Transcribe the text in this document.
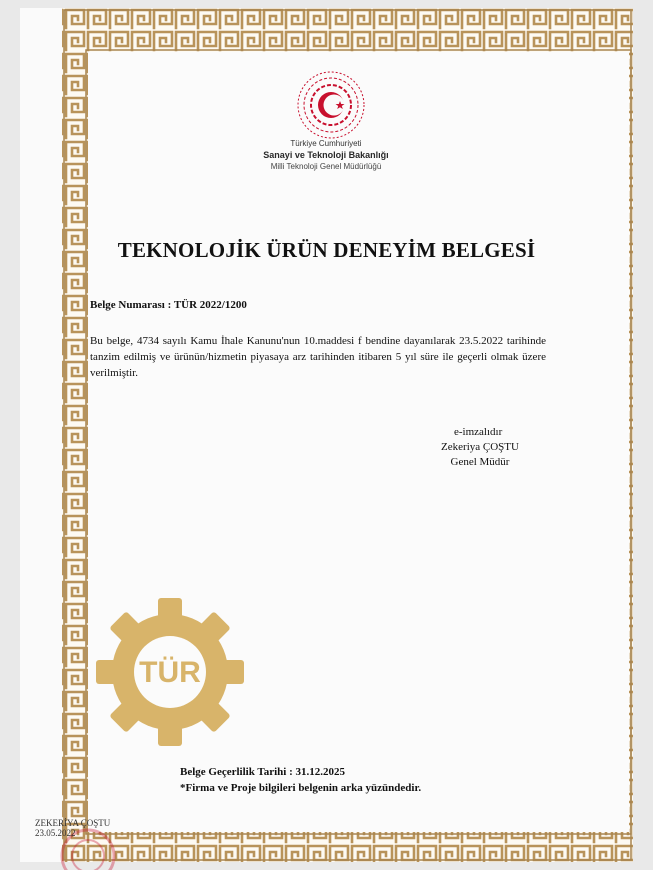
Türkiye Cumhuriyeti
Sanayi ve Teknoloji Bakanlığı
Milli Teknoloji Genel Müdürlüğü
TEKNOLOJİK ÜRÜN DENEYİM BELGESİ
Belge Numarası : TÜR 2022/1200
Bu belge, 4734 sayılı Kamu İhale Kanunu'nun 10.maddesi f bendine dayanılarak 23.5.2022 tarihinde tanzim edilmiş ve ürünün/hizmetin piyasaya arz tarihinden itibaren 5 yıl süre ile geçerli olmak üzere verilmiştir.
e-imzalıdır
Zekeriya ÇOŞTU
Genel Müdür
TÜR
Belge Geçerlilik Tarihi : 31.12.2025
*Firma ve Proje bilgileri belgenin arka yüzündedir.
ZEKERİYA ÇOŞTU
23.05.2022
